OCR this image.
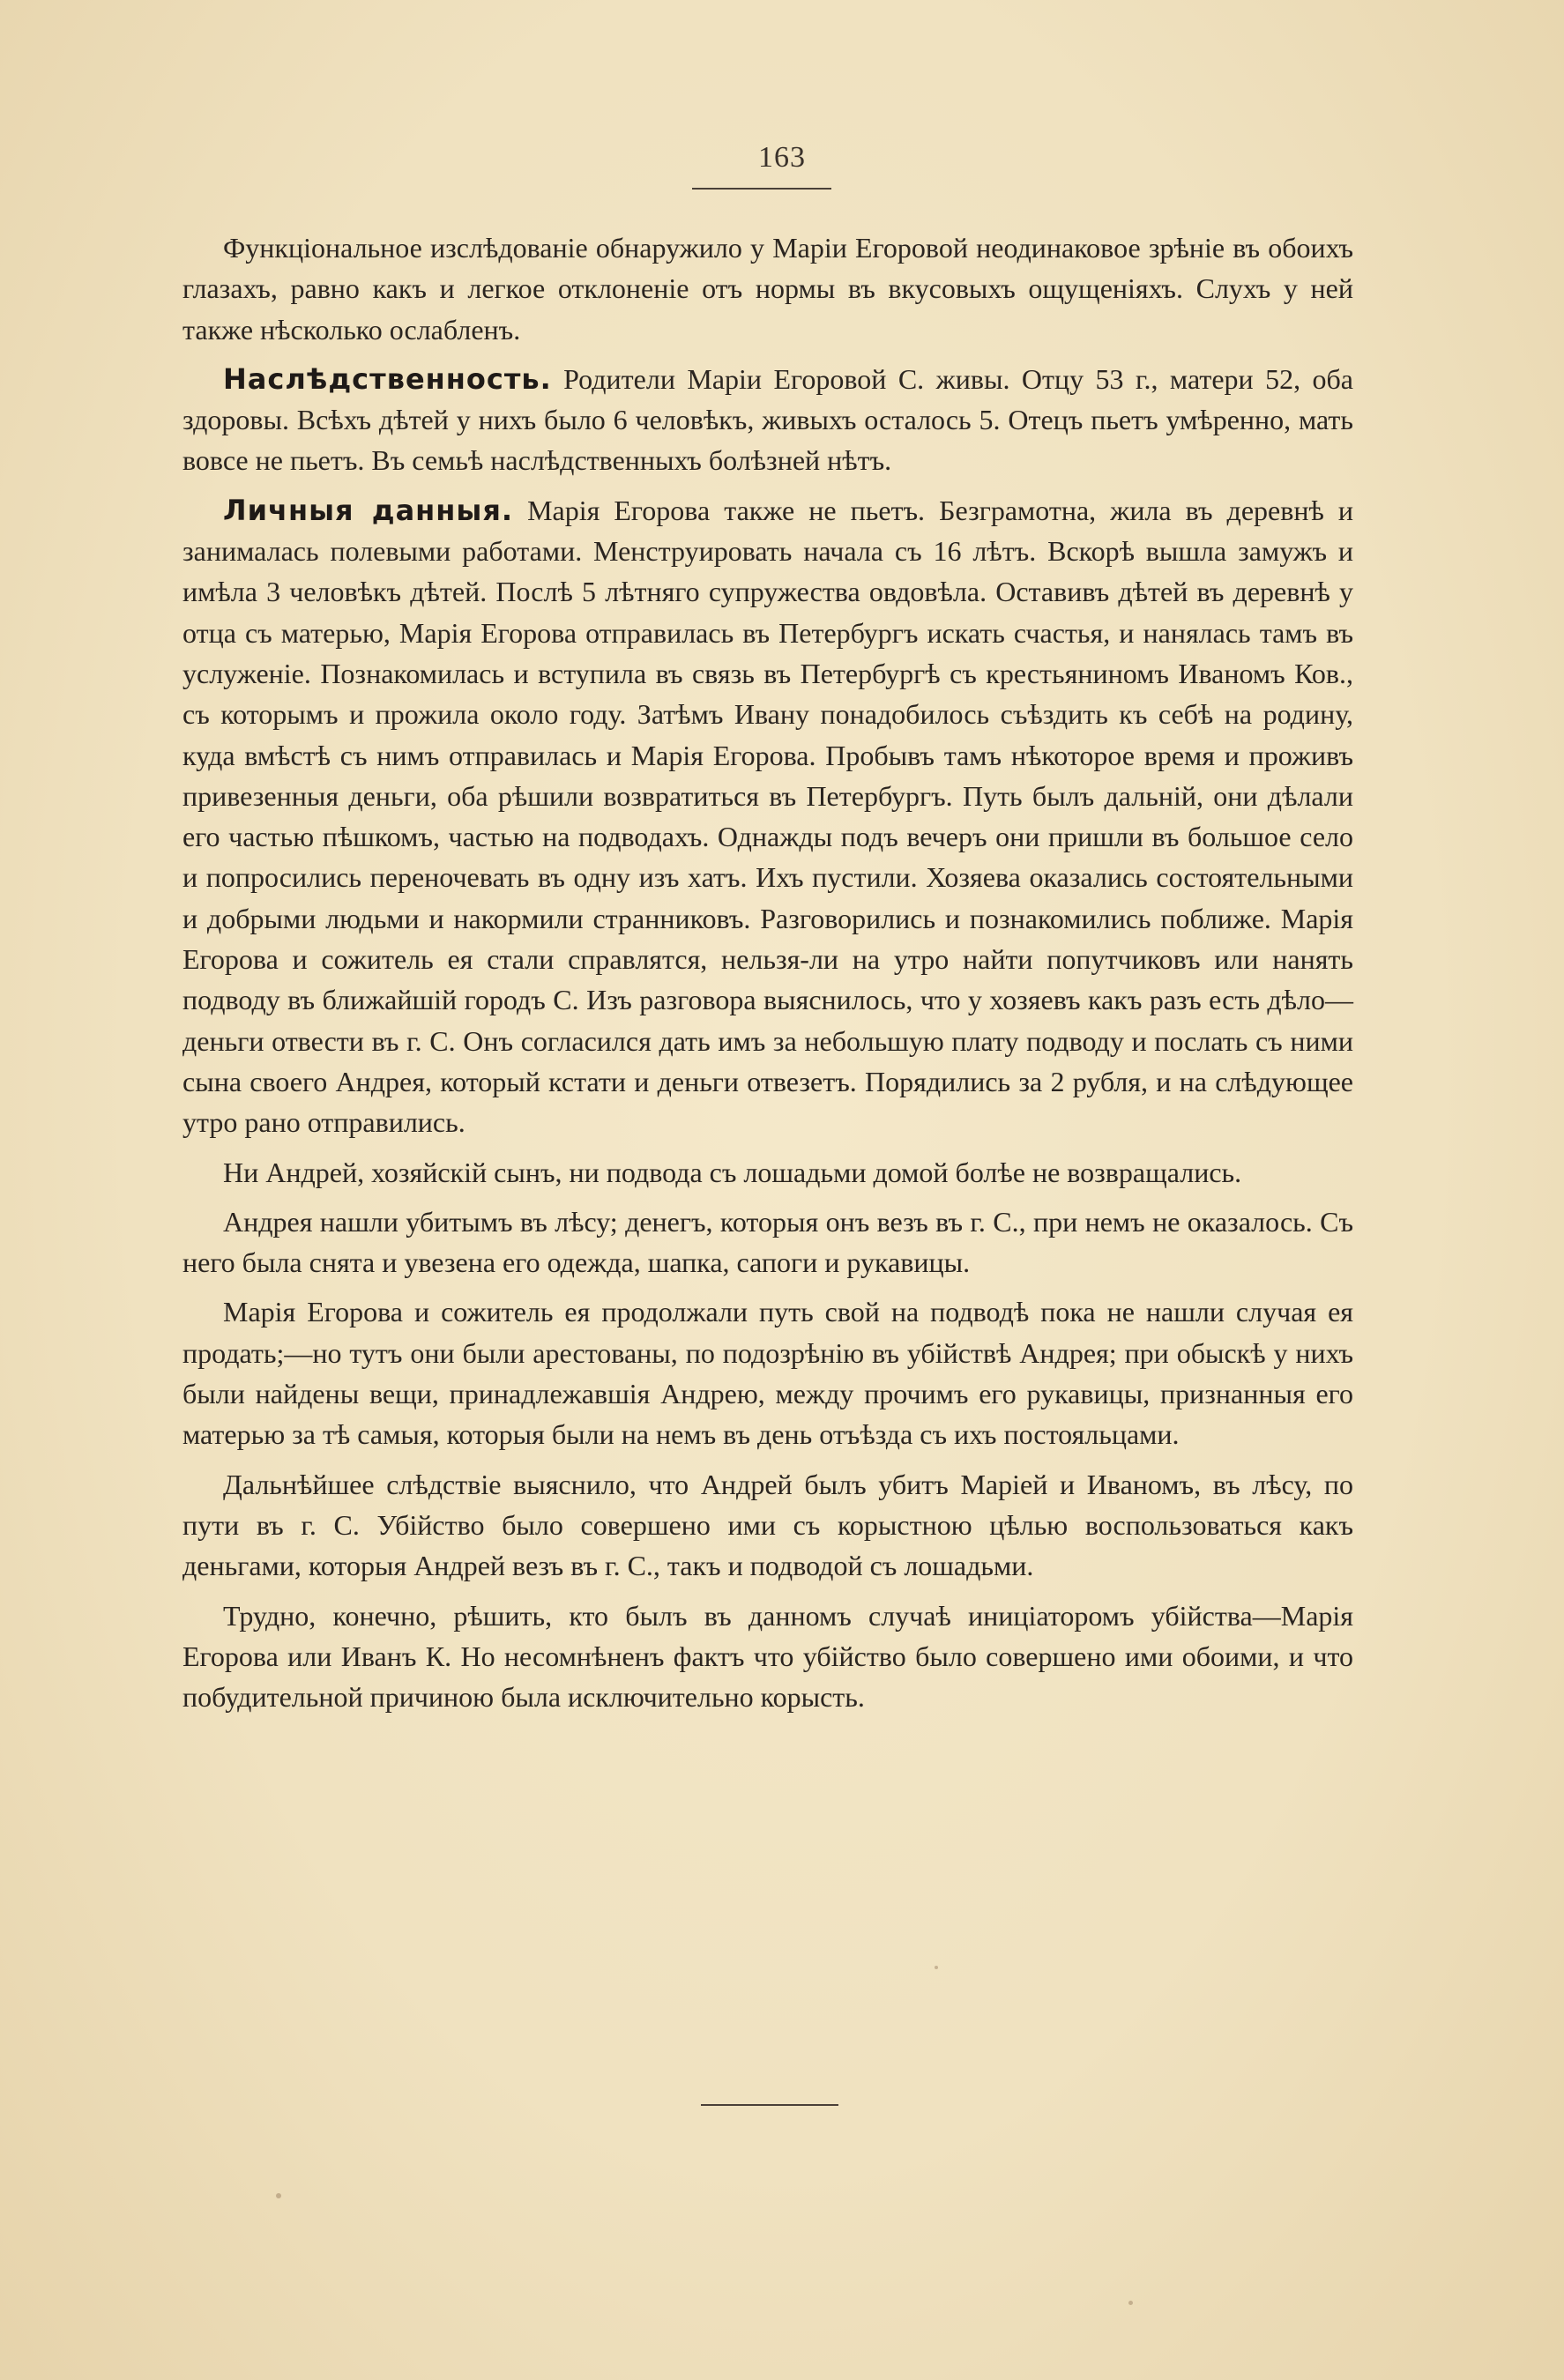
163

Функціональное изслѣдованіе обнаружило у Маріи Егоровой неодинаковое зрѣніе въ обоихъ глазахъ, равно какъ и легкое отклоненіе отъ нормы въ вкусовыхъ ощущеніяхъ. Слухъ у ней также нѣсколько ослабленъ.

Наслѣдственность. Родители Маріи Егоровой С. живы. Отцу 53 г., матери 52, оба здоровы. Всѣхъ дѣтей у нихъ было 6 человѣкъ, живыхъ осталось 5. Отецъ пьетъ умѣренно, мать вовсе не пьетъ. Въ семьѣ наслѣдственныхъ болѣзней нѣтъ.

Личныя данныя. Марія Егорова также не пьетъ. Безграмотна, жила въ деревнѣ и занималась полевыми работами. Менструировать начала съ 16 лѣтъ. Вскорѣ вышла замужъ и имѣла 3 человѣкъ дѣтей. Послѣ 5 лѣтняго супружества овдовѣла. Оставивъ дѣтей въ деревнѣ у отца съ матерью, Марія Егорова отправилась въ Петербургъ искать счастья, и нанялась тамъ въ услуженіе. Познакомилась и вступила въ связь въ Петербургѣ съ крестьяниномъ Иваномъ Ков., съ которымъ и прожила около году. Затѣмъ Ивану понадобилось съѣздить къ себѣ на родину, куда вмѣстѣ съ нимъ отправилась и Марія Егорова. Пробывъ тамъ нѣкоторое время и проживъ привезенныя деньги, оба рѣшили возвратиться въ Петербургъ. Путь былъ дальній, они дѣлали его частью пѣшкомъ, частью на подводахъ. Однажды подъ вечеръ они пришли въ большое село и попросились переночевать въ одну изъ хатъ. Ихъ пустили. Хозяева оказались состоятельными и добрыми людьми и накормили странниковъ. Разговорились и познакомились поближе. Марія Егорова и сожитель ея стали справлятся, нельзя-ли на утро найти попутчиковъ или нанять подводу въ ближайшій городъ С. Изъ разговора выяснилось, что у хозяевъ какъ разъ есть дѣло—деньги отвести въ г. С. Онъ согласился дать имъ за небольшую плату подводу и послать съ ними сына своего Андрея, который кстати и деньги отвезетъ. Порядились за 2 рубля, и на слѣдующее утро рано отправились.

Ни Андрей, хозяйскій сынъ, ни подвода съ лошадьми домой болѣе не возвращались.

Андрея нашли убитымъ въ лѣсу; денегъ, которыя онъ везъ въ г. С., при немъ не оказалось. Съ него была снята и увезена его одежда, шапка, сапоги и рукавицы.

Марія Егорова и сожитель ея продолжали путь свой на подводѣ пока не нашли случая ея продать;—но тутъ они были арестованы, по подозрѣнію въ убійствѣ Андрея; при обыскѣ у нихъ были найдены вещи, принадлежавшія Андрею, между прочимъ его рукавицы, признанныя его матерью за тѣ самыя, которыя были на немъ въ день отъѣзда съ ихъ постояльцами.

Дальнѣйшее слѣдствіе выяснило, что Андрей былъ убитъ Маріей и Иваномъ, въ лѣсу, по пути въ г. С. Убійство было совершено ими съ корыстною цѣлью воспользоваться какъ деньгами, которыя Андрей везъ въ г. С., такъ и подводой съ лошадьми.

Трудно, конечно, рѣшить, кто былъ въ данномъ случаѣ иниціаторомъ убійства—Марія Егорова или Иванъ К. Но несомнѣненъ фактъ что убійство было совершено ими обоими, и что побудительной причиною была исключительно корысть.
